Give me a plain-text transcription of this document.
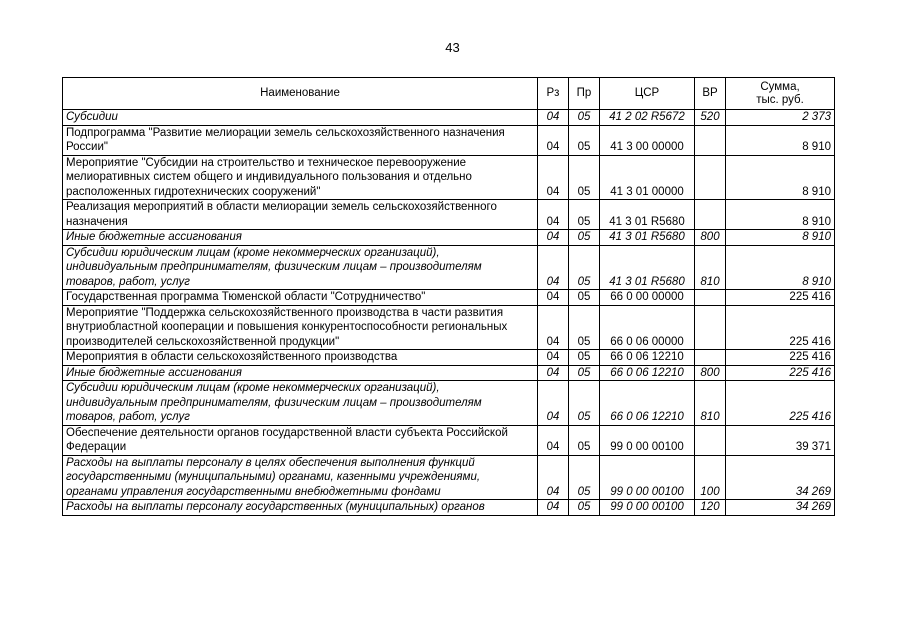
43
Наименование	Рз	Пр	ЦСР	ВР	Сумма,
тыс. руб.

Субсидии	04	05	41 2 02 R5672	520	2 373
Подпрограмма "Развитие мелиорации земель сельскохозяйственного назначения России"	04	05	41 3 00 00000		8 910
Мероприятие "Субсидии на строительство и техническое перевооружение мелиоративных систем общего и индивидуального пользования и отдельно расположенных гидротехнических сооружений"	04	05	41 3 01 00000		8 910
Реализация мероприятий в области мелиорации земель сельскохозяйственного назначения	04	05	41 3 01 R5680		8 910
Иные бюджетные ассигнования	04	05	41 3 01 R5680	800	8 910
Субсидии юридическим лицам (кроме некоммерческих организаций), индивидуальным предпринимателям, физическим лицам – производителям товаров, работ, услуг	04	05	41 3 01 R5680	810	8 910
Государственная программа Тюменской области "Сотрудничество"	04	05	66 0 00 00000		225 416
Мероприятие "Поддержка сельскохозяйственного производства в части развития внутриобластной кооперации и повышения конкурентоспособности региональных производителей сельскохозяйственной продукции"	04	05	66 0 06 00000		225 416
Мероприятия в области сельскохозяйственного производства	04	05	66 0 06 12210		225 416
Иные бюджетные ассигнования	04	05	66 0 06 12210	800	225 416
Субсидии юридическим лицам (кроме некоммерческих организаций), индивидуальным предпринимателям, физическим лицам – производителям товаров, работ, услуг	04	05	66 0 06 12210	810	225 416
Обеспечение деятельности органов государственной власти субъекта Российской Федерации	04	05	99 0 00 00100		39 371
Расходы на выплаты персоналу в целях обеспечения выполнения функций государственными (муниципальными) органами, казенными учреждениями, органами управления государственными внебюджетными фондами	04	05	99 0 00 00100	100	34 269
Расходы на выплаты персоналу государственных (муниципальных) органов	04	05	99 0 00 00100	120	34 269
